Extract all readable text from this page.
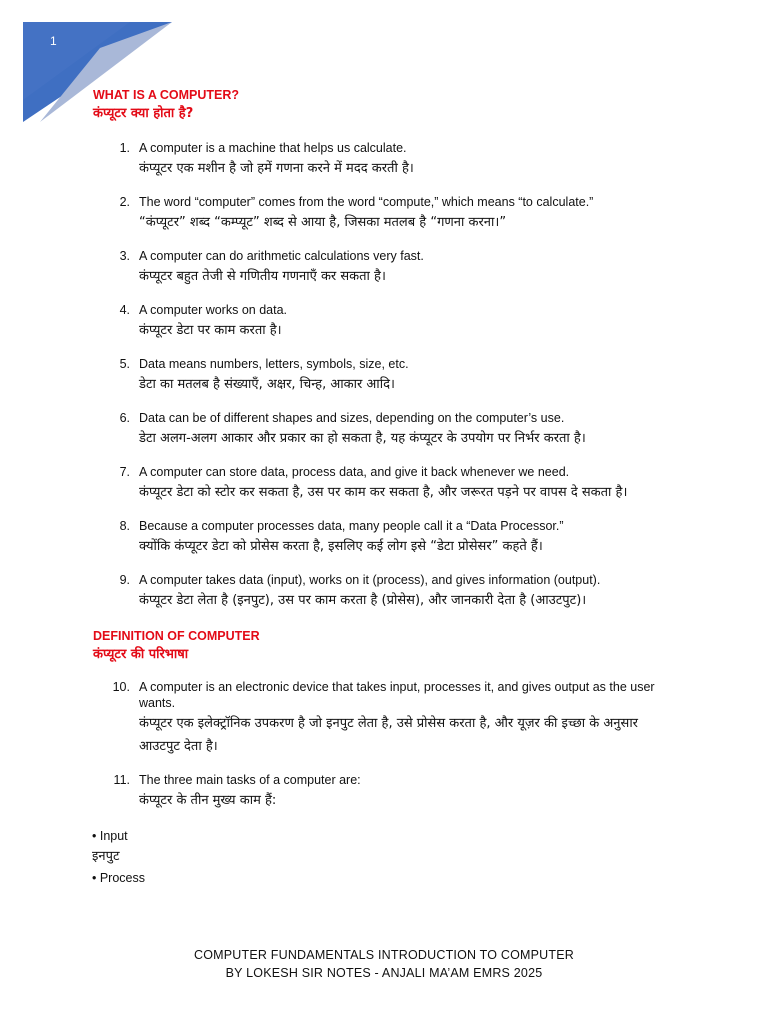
1

WHAT IS A COMPUTER?

कंप्यूटर क्या होता है?

1. A computer is a machine that helps us calculate.

कंप्यूटर एक मशीन है जो हमें गणना करने में मदद करती है।

2. The word “computer” comes from the word “compute,” which means “to calculate.”

“कंप्यूटर” शब्द “कम्प्यूट” शब्द से आया है, जिसका मतलब है “गणना करना।”

3. A computer can do arithmetic calculations very fast.

कंप्यूटर बहुत तेजी से गणितीय गणनाएँ कर सकता है।

4. A computer works on data.

कंप्यूटर डेटा पर काम करता है।

5. Data means numbers, letters, symbols, size, etc.

डेटा का मतलब है संख्याएँ, अक्षर, चिन्ह, आकार आदि।

6. Data can be of different shapes and sizes, depending on the computer’s use.

डेटा अलग-अलग आकार और प्रकार का हो सकता है, यह कंप्यूटर के उपयोग पर निर्भर करता है।

7. A computer can store data, process data, and give it back whenever we need.

कंप्यूटर डेटा को स्टोर कर सकता है, उस पर काम कर सकता है, और जरूरत पड़ने पर वापस दे सकता है।

8. Because a computer processes data, many people call it a “Data Processor.”

क्योंकि कंप्यूटर डेटा को प्रोसेस करता है, इसलिए कई लोग इसे “डेटा प्रोसेसर” कहते हैं।

9. A computer takes data (input), works on it (process), and gives information (output).

कंप्यूटर डेटा लेता है (इनपुट), उस पर काम करता है (प्रोसेस), और जानकारी देता है (आउटपुट)।

DEFINITION OF COMPUTER

कंप्यूटर की परिभाषा

10. A computer is an electronic device that takes input, processes it, and gives output as the user wants.

कंप्यूटर एक इलेक्ट्रॉनिक उपकरण है जो इनपुट लेता है, उसे प्रोसेस करता है, और यूज़र की इच्छा के अनुसार आउटपुट देता है।

11. The three main tasks of a computer are:

कंप्यूटर के तीन मुख्य काम हैं:

• Input

इनपुट

• Process

COMPUTER FUNDAMENTALS INTRODUCTION TO COMPUTER
BY LOKESH SIR NOTES - ANJALI MA’AM EMRS 2025
